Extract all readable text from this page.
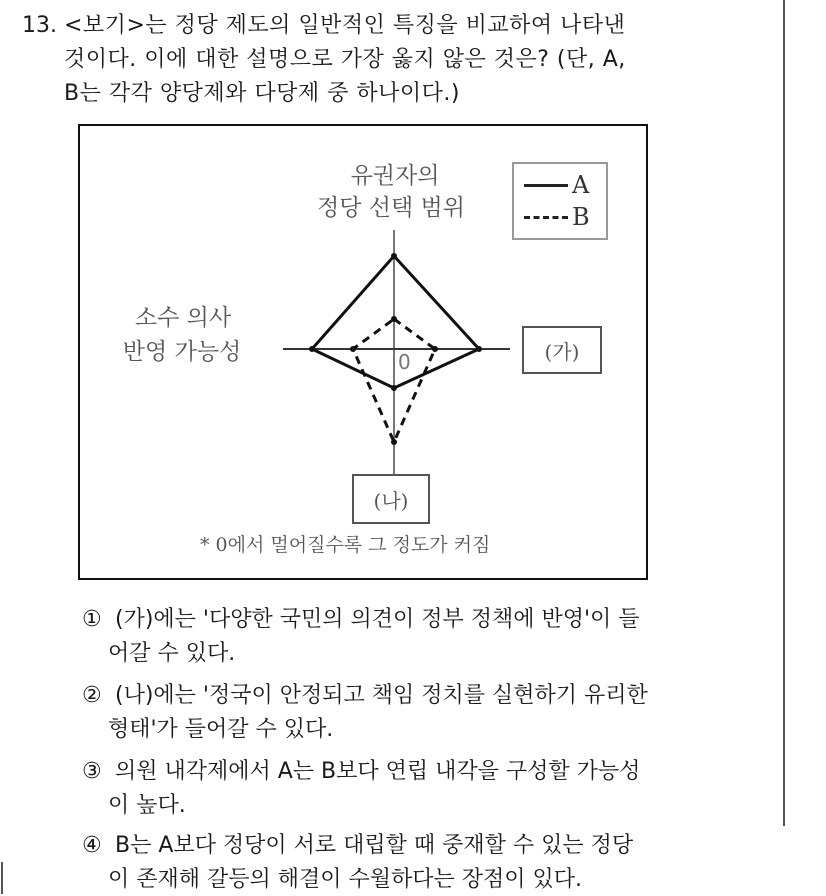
13. <보기>는 정당 제도의 일반적인 특징을 비교하여 나타낸
것이다. 이에 대한 설명으로 가장 옳지 않은 것은? (단, A,
B는 각각 양당제와 다당제 중 하나이다.)
유권자의
정당 선택 범위
소수 의사
반영 가능성	0
A
B
(가)
(나)
* 0에서 멀어질수록 그 정도가 커짐
① (가)에는 '다양한 국민의 의견이 정부 정책에 반영'이 들
어갈 수 있다.
② (나)에는 '정국이 안정되고 책임 정치를 실현하기 유리한
형태'가 들어갈 수 있다.
③ 의원 내각제에서 A는 B보다 연립 내각을 구성할 가능성
이 높다.
④ B는 A보다 정당이 서로 대립할 때 중재할 수 있는 정당
이 존재해 갈등의 해결이 수월하다는 장점이 있다.
